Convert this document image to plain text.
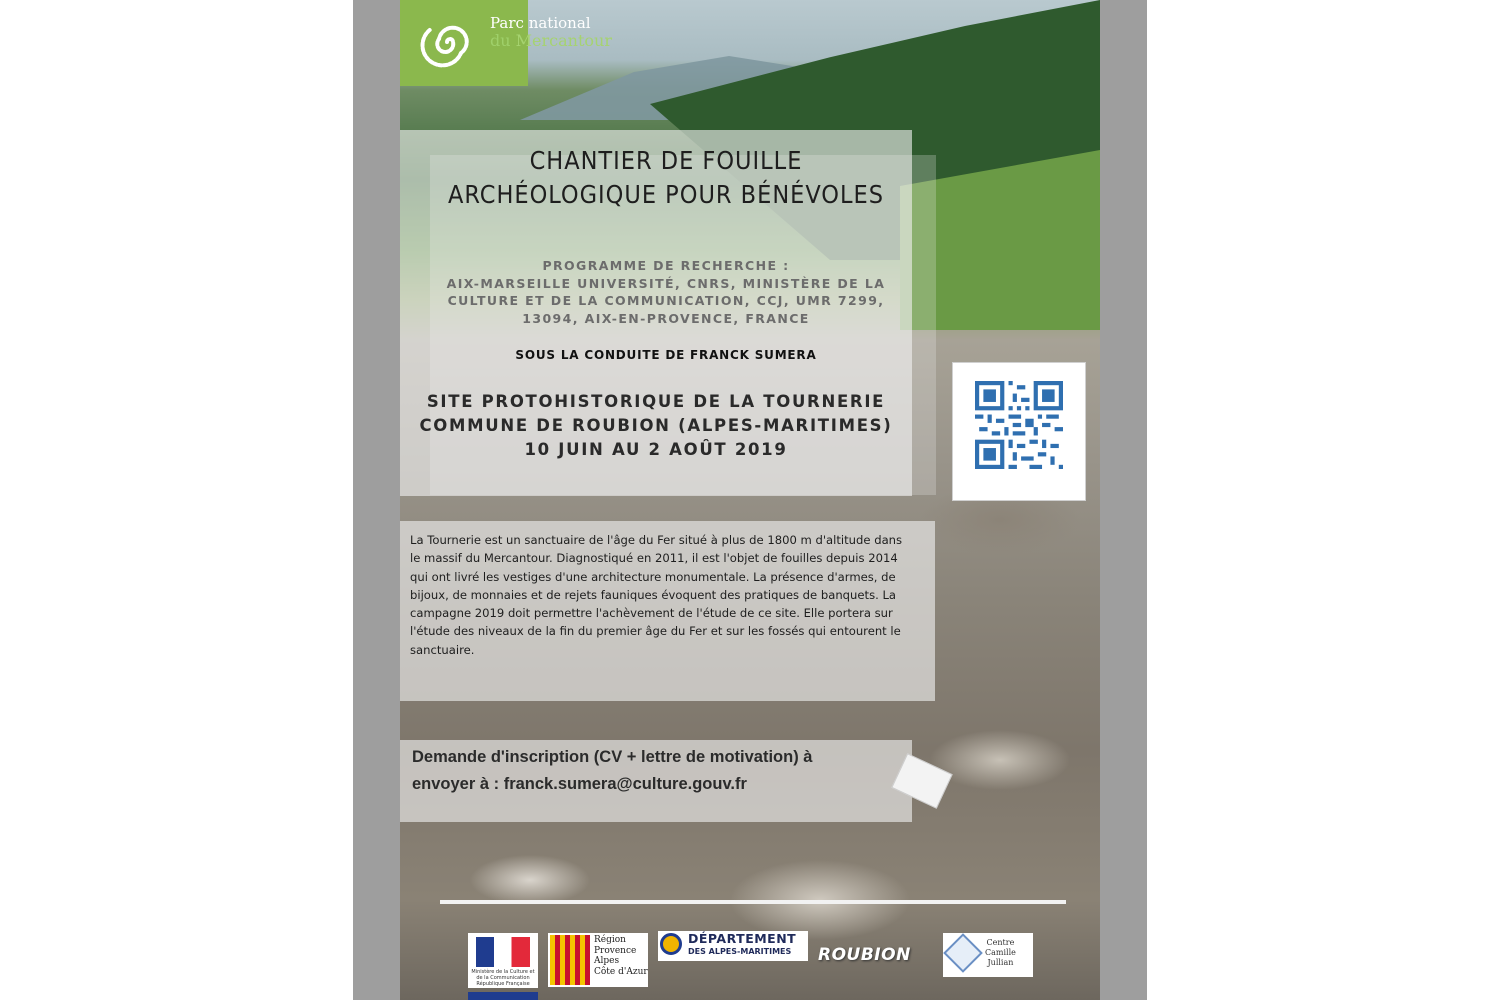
Parc national
du Mercantour
CHANTIER DE FOUILLE
ARCHÉOLOGIQUE POUR BÉNÉVOLES
PROGRAMME DE RECHERCHE :
AIX-MARSEILLE UNIVERSITÉ, CNRS, MINISTÈRE DE LA
CULTURE ET DE LA COMMUNICATION, CCJ, UMR 7299,
13094, AIX-EN-PROVENCE, FRANCE
SOUS LA CONDUITE DE FRANCK SUMERA
SITE PROTOHISTORIQUE DE LA TOURNERIE
COMMUNE DE ROUBION (ALPES-MARITIMES)
10 JUIN AU 2 AOÛT 2019
La Tournerie est un sanctuaire de l'âge du Fer situé à plus de 1800 m d'altitude dans le massif du Mercantour. Diagnostiqué en 2011, il est l'objet de fouilles depuis 2014 qui ont livré les vestiges d'une architecture monumentale. La présence d'armes, de bijoux, de monnaies et de rejets fauniques évoquent des pratiques de banquets. La campagne 2019 doit permettre l'achèvement de l'étude de ce site. Elle portera sur l'étude des niveaux de la fin du premier âge du Fer et sur les fossés qui entourent le sanctuaire.
Demande d'inscription (CV + lettre de motivation) à
envoyer à : franck.sumera@culture.gouv.fr
Ministère de la Culture et de la Communication République Française
Région
Provence
Alpes
Côte d'Azur
DÉPARTEMENT
DES ALPES-MARITIMES ROUBION
Centre
Camille
Jullian
